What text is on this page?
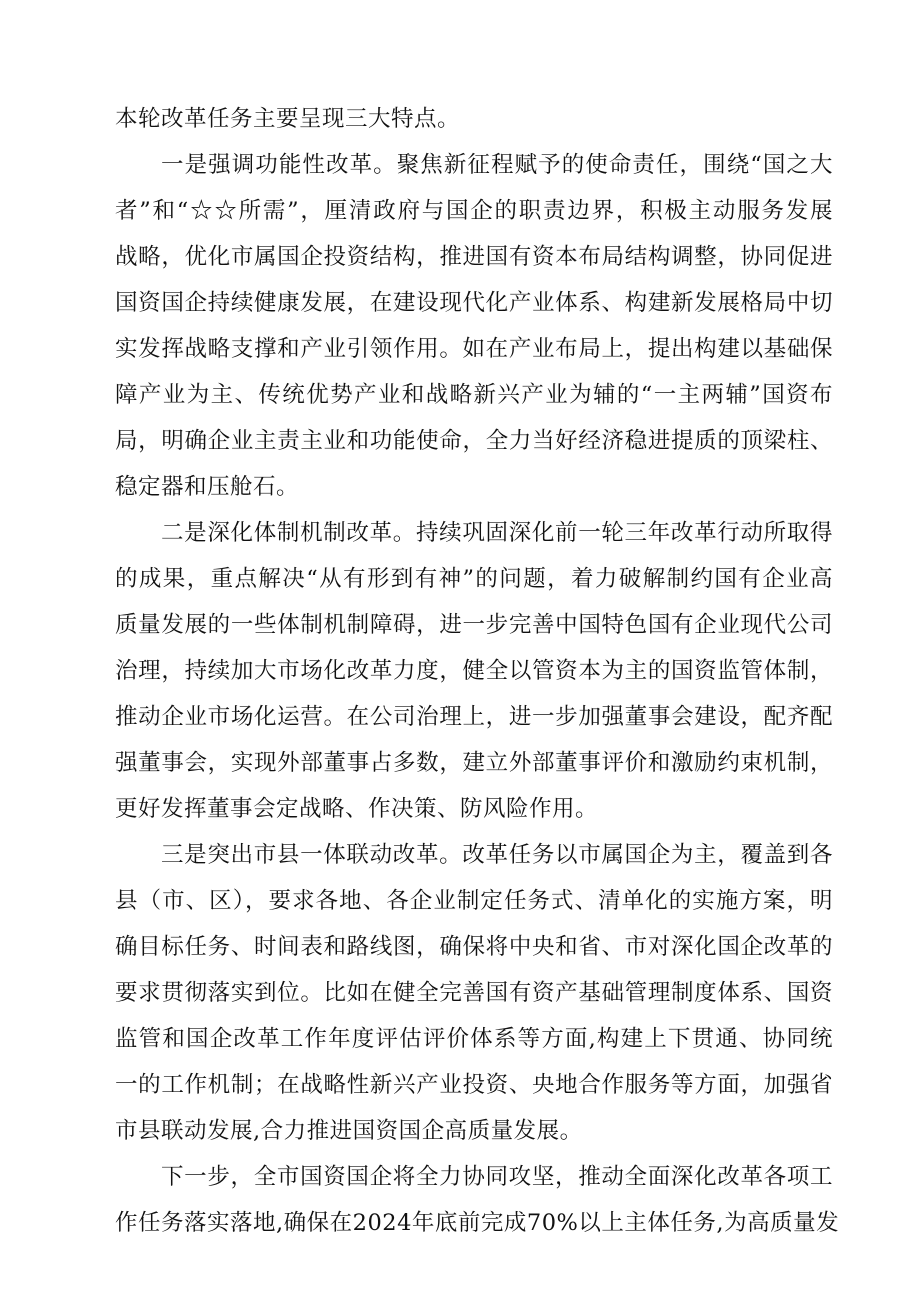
本轮改革任务主要呈现三大特点。
一是强调功能性改革。聚焦新征程赋予的使命责任，围绕“国之大
者”和“☆☆所需”，厘清政府与国企的职责边界，积极主动服务发展
战略，优化市属国企投资结构，推进国有资本布局结构调整，协同促进
国资国企持续健康发展，在建设现代化产业体系、构建新发展格局中切
实发挥战略支撑和产业引领作用。如在产业布局上，提出构建以基础保
障产业为主、传统优势产业和战略新兴产业为辅的“一主两辅”国资布
局，明确企业主责主业和功能使命，全力当好经济稳进提质的顶梁柱、
稳定器和压舱石。
二是深化体制机制改革。持续巩固深化前一轮三年改革行动所取得
的成果，重点解决“从有形到有神”的问题，着力破解制约国有企业高
质量发展的一些体制机制障碍，进一步完善中国特色国有企业现代公司
治理，持续加大市场化改革力度，健全以管资本为主的国资监管体制，
推动企业市场化运营。在公司治理上，进一步加强董事会建设，配齐配
强董事会，实现外部董事占多数，建立外部董事评价和激励约束机制，
更好发挥董事会定战略、作决策、防风险作用。
三是突出市县一体联动改革。改革任务以市属国企为主，覆盖到各
县（市、区），要求各地、各企业制定任务式、清单化的实施方案，明
确目标任务、时间表和路线图，确保将中央和省、市对深化国企改革的
要求贯彻落实到位。比如在健全完善国有资产基础管理制度体系、国资
监管和国企改革工作年度评估评价体系等方面,构建上下贯通、协同统
一的工作机制；在战略性新兴产业投资、央地合作服务等方面，加强省
市县联动发展,合力推进国资国企高质量发展。
下一步，全市国资国企将全力协同攻坚，推动全面深化改革各项工
作任务落实落地,确保在2024年底前完成70%以上主体任务,为高质量发
